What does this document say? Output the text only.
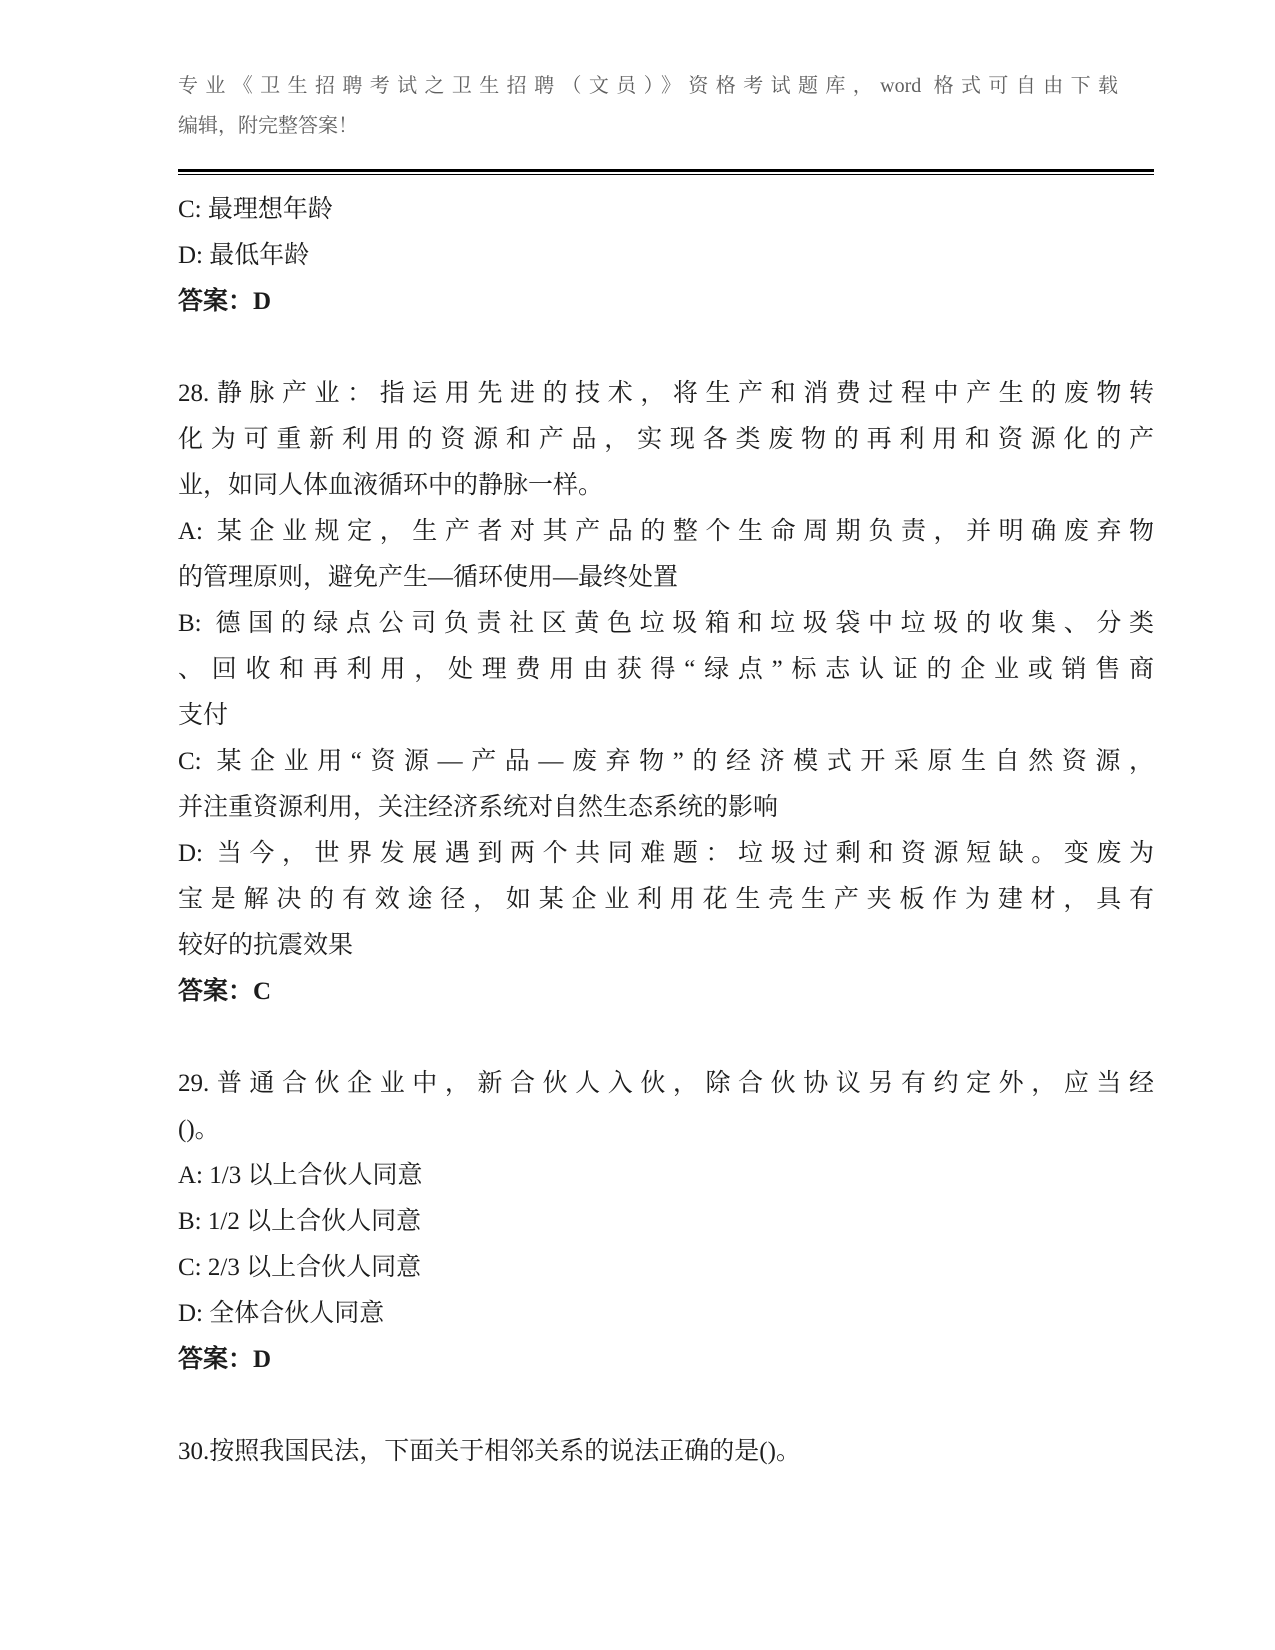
专业《卫生招聘考试之卫生招聘（文员）》资格考试题库，word 格式可自由下载
编辑，附完整答案！
C: 最理想年龄
D: 最低年龄
答案：D
28.静脉产业：指运用先进的技术，将生产和消费过程中产生的废物转
化为可重新利用的资源和产品，实现各类废物的再利用和资源化的产
业，如同人体血液循环中的静脉一样。
A: 某企业规定，生产者对其产品的整个生命周期负责，并明确废弃物
的管理原则，避免产生—循环使用—最终处置
B: 德国的绿点公司负责社区黄色垃圾箱和垃圾袋中垃圾的收集、分类
、回收和再利用，处理费用由获得“绿点”标志认证的企业或销售商
支付
C: 某企业用“资源—产品—废弃物”的经济模式开采原生自然资源，
并注重资源利用，关注经济系统对自然生态系统的影响
D: 当今，世界发展遇到两个共同难题：垃圾过剩和资源短缺。变废为
宝是解决的有效途径，如某企业利用花生壳生产夹板作为建材，具有
较好的抗震效果
答案：C
29.普通合伙企业中，新合伙人入伙，除合伙协议另有约定外，应当经
()。
A: 1/3 以上合伙人同意
B: 1/2 以上合伙人同意
C: 2/3 以上合伙人同意
D: 全体合伙人同意
答案：D
30.按照我国民法，下面关于相邻关系的说法正确的是()。
